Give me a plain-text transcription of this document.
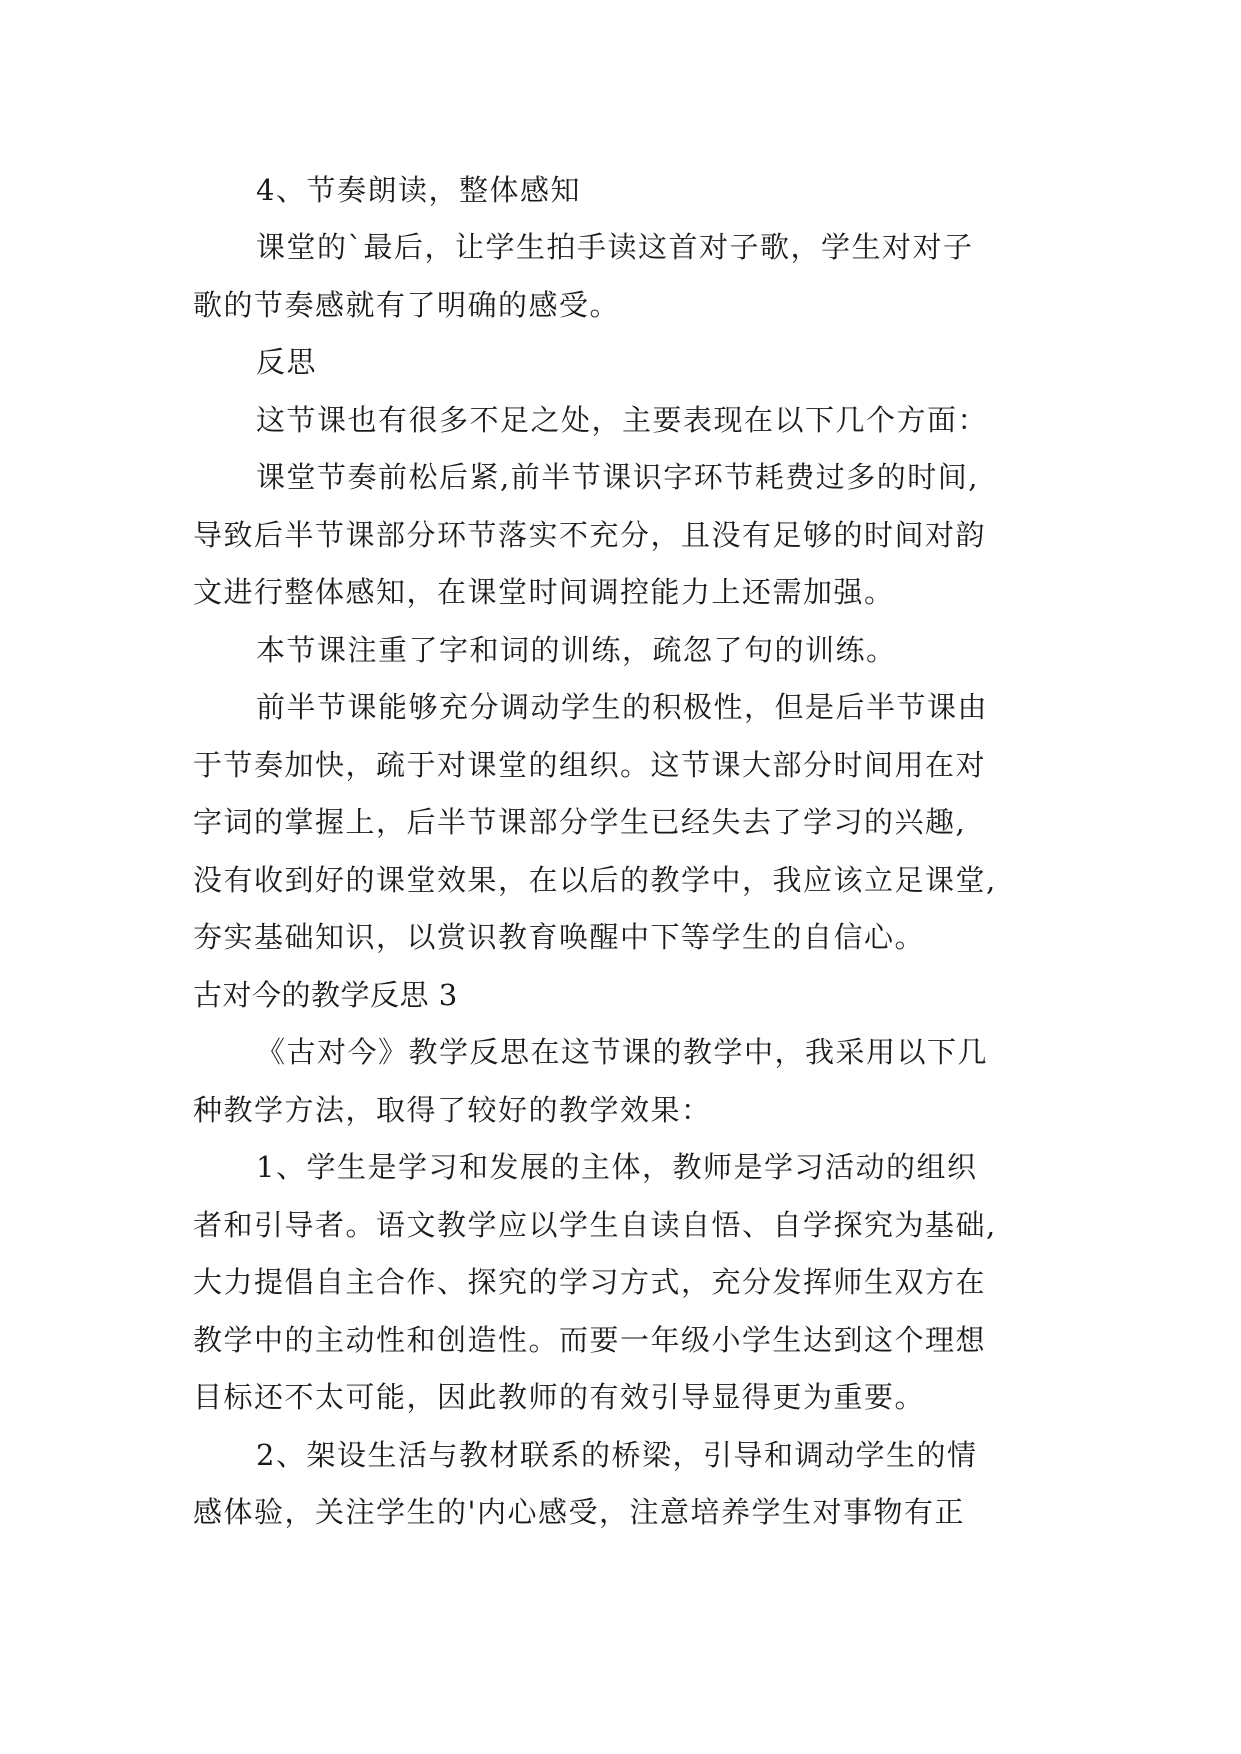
4、节奏朗读，整体感知

课堂的`最后，让学生拍手读这首对子歌，学生对对子

歌的节奏感就有了明确的感受。

反思

这节课也有很多不足之处，主要表现在以下几个方面：

课堂节奏前松后紧,前半节课识字环节耗费过多的时间,

导致后半节课部分环节落实不充分，且没有足够的时间对韵

文进行整体感知，在课堂时间调控能力上还需加强。

本节课注重了字和词的训练，疏忽了句的训练。

前半节课能够充分调动学生的积极性，但是后半节课由

于节奏加快，疏于对课堂的组织。这节课大部分时间用在对

字词的掌握上，后半节课部分学生已经失去了学习的兴趣,

没有收到好的课堂效果，在以后的教学中，我应该立足课堂,

夯实基础知识，以赏识教育唤醒中下等学生的自信心。

古对今的教学反思 3

《古对今》教学反思在这节课的教学中，我采用以下几

种教学方法，取得了较好的教学效果：

1、学生是学习和发展的主体，教师是学习活动的组织

者和引导者。语文教学应以学生自读自悟、自学探究为基础,

大力提倡自主合作、探究的学习方式，充分发挥师生双方在

教学中的主动性和创造性。而要一年级小学生达到这个理想

目标还不太可能，因此教师的有效引导显得更为重要。

2、架设生活与教材联系的桥梁，引导和调动学生的情

感体验，关注学生的'内心感受，注意培养学生对事物有正
